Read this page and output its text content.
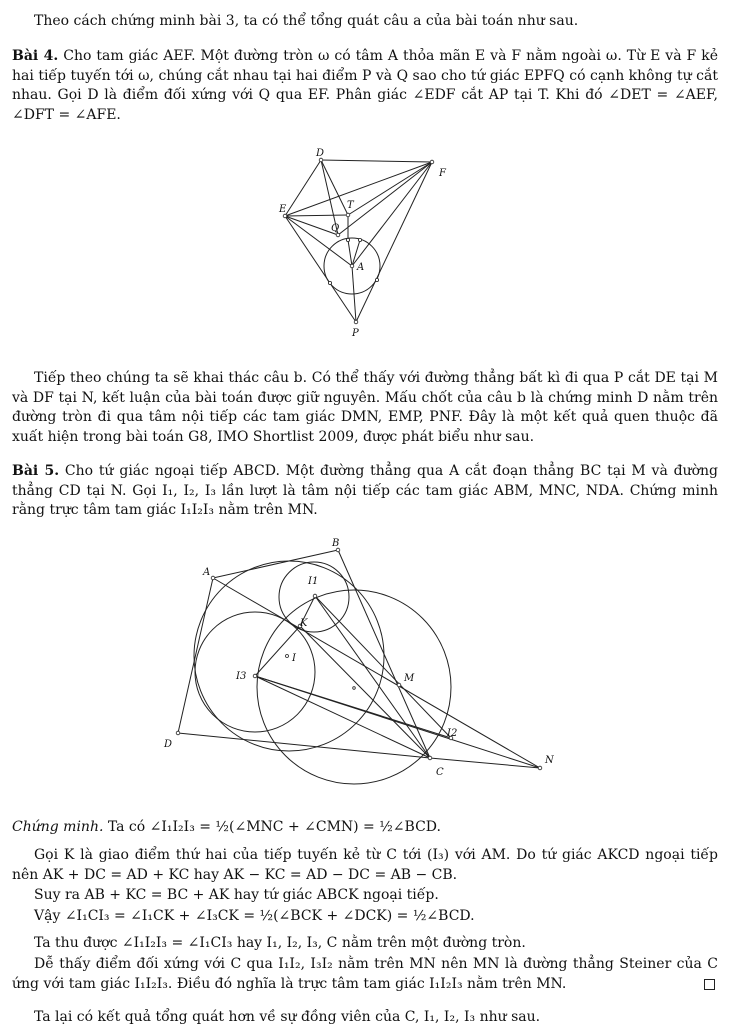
Theo cách chứng minh bài 3, ta có thể tổng quát câu a của bài toán như sau.

Bài 4. Cho tam giác AEF. Một đường tròn ω có tâm A thỏa mãn E và F nằm ngoài ω. Từ E và F kẻ hai tiếp tuyến tới ω, chúng cắt nhau tại hai điểm P và Q sao cho tứ giác EPFQ có cạnh không tự cắt nhau. Gọi D là điểm đối xứng với Q qua EF. Phân giác ∠EDF cắt AP tại T. Khi đó ∠DET = ∠AEF, ∠DFT = ∠AFE.

D
F
E	T
Q
A
P

Tiếp theo chúng ta sẽ khai thác câu b. Có thể thấy với đường thẳng bất kì đi qua P cắt DE tại M và DF tại N, kết luận của bài toán được giữ nguyên. Mấu chốt của câu b là chứng minh D nằm trên đường tròn đi qua tâm nội tiếp các tam giác DMN, EMP, PNF. Đây là một kết quả quen thuộc đã xuất hiện trong bài toán G8, IMO Shortlist 2009, được phát biểu như sau.

Bài 5. Cho tứ giác ngoại tiếp ABCD. Một đường thẳng qua A cắt đoạn thẳng BC tại M và đường thẳng CD tại N. Gọi I₁, I₂, I₃ lần lượt là tâm nội tiếp các tam giác ABM, MNC, NDA. Chứng minh rằng trực tâm tam giác I₁I₂I₃ nằm trên MN.

B
A
I1
K
I
I3	M
D
I2
N
C

Chứng minh. Ta có ∠I₁I₂I₃ = ½(∠MNC + ∠CMN) = ½∠BCD.

Gọi K là giao điểm thứ hai của tiếp tuyến kẻ từ C tới (I₃) với AM. Do tứ giác AKCD ngoại tiếp nên AK + DC = AD + KC hay AK − KC = AD − DC = AB − CB.

Suy ra AB + KC = BC + AK hay tứ giác ABCK ngoại tiếp.

Vậy ∠I₁CI₃ = ∠I₁CK + ∠I₃CK = ½(∠BCK + ∠DCK) = ½∠BCD.

Ta thu được ∠I₁I₂I₃ = ∠I₁CI₃ hay I₁, I₂, I₃, C nằm trên một đường tròn.

Dễ thấy điểm đối xứng với C qua I₁I₂, I₃I₂ nằm trên MN nên MN là đường thẳng Steiner của C ứng với tam giác I₁I₂I₃. Điều đó nghĩa là trực tâm tam giác I₁I₂I₃ nằm trên MN.

Ta lại có kết quả tổng quát hơn về sự đồng viên của C, I₁, I₂, I₃ như sau.
